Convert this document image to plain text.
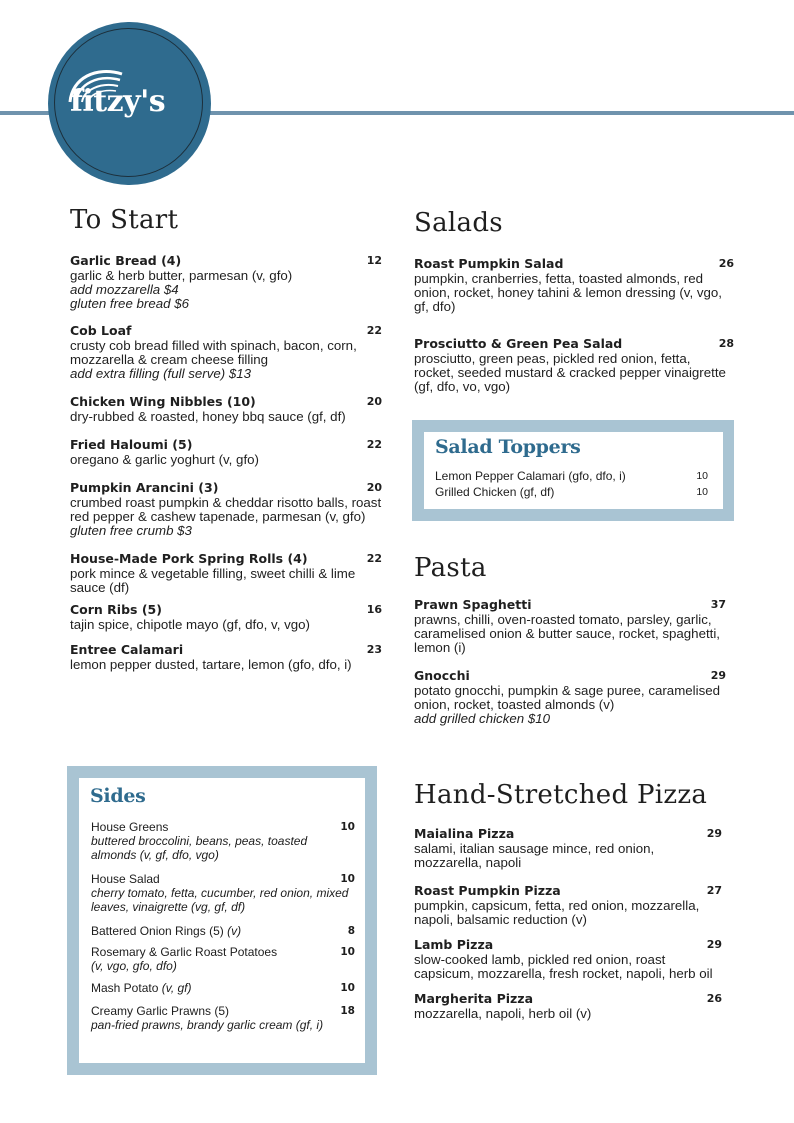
fitzy's
To Start
Garlic Bread (4)	12
garlic & herb butter, parmesan (v, gfo)
add mozzarella $4
gluten free bread $6
Cob Loaf	22
crusty cob bread filled with spinach, bacon, corn, mozzarella & cream cheese filling
add extra filling (full serve) $13
Chicken Wing Nibbles (10)	20
dry-rubbed & roasted, honey bbq sauce (gf, df)
Fried Haloumi (5)	22
oregano & garlic yoghurt (v, gfo)
Pumpkin Arancini (3)	20
crumbed roast pumpkin & cheddar risotto balls, roast red pepper & cashew tapenade, parmesan (v, gfo)
gluten free crumb $3
House-Made Pork Spring Rolls (4)	22
pork mince & vegetable filling, sweet chilli & lime sauce (df)
Corn Ribs (5)	16
tajin spice, chipotle mayo (gf, dfo, v, vgo)
Entree Calamari	23
lemon pepper dusted, tartare, lemon (gfo, dfo, i)
Sides
House Greens	10
buttered broccolini, beans, peas, toasted almonds (v, gf, dfo, vgo)
House Salad	10
cherry tomato, fetta, cucumber, red onion, mixed leaves, vinaigrette (vg, gf, df)
Battered Onion Rings (5) (v)	8
Rosemary & Garlic Roast Potatoes	10
(v, vgo, gfo, dfo)
Mash Potato (v, gf)	10
Creamy Garlic Prawns (5)	18
pan-fried prawns, brandy garlic cream (gf, i)
Salads
Roast Pumpkin Salad	26
pumpkin, cranberries, fetta, toasted almonds, red onion, rocket, honey tahini & lemon dressing (v, vgo, gf, dfo)
Prosciutto & Green Pea Salad	28
prosciutto, green peas, pickled red onion, fetta, rocket, seeded mustard & cracked pepper vinaigrette (gf, dfo, vo, vgo)
Salad Toppers
Lemon Pepper Calamari (gfo, dfo, i)	10
Grilled Chicken (gf, df)	10
Pasta
Prawn Spaghetti	37
prawns, chilli, oven-roasted tomato, parsley, garlic, caramelised onion & butter sauce, rocket, spaghetti, lemon (i)
Gnocchi	29
potato gnocchi, pumpkin & sage puree, caramelised onion, rocket, toasted almonds (v)
add grilled chicken $10
Hand-Stretched Pizza
Maialina Pizza	29
salami, italian sausage mince, red onion, mozzarella, napoli
Roast Pumpkin Pizza	27
pumpkin, capsicum, fetta, red onion, mozzarella, napoli, balsamic reduction (v)
Lamb Pizza	29
slow-cooked lamb, pickled red onion, roast capsicum, mozzarella, fresh rocket, napoli, herb oil
Margherita Pizza	26
mozzarella, napoli, herb oil (v)
